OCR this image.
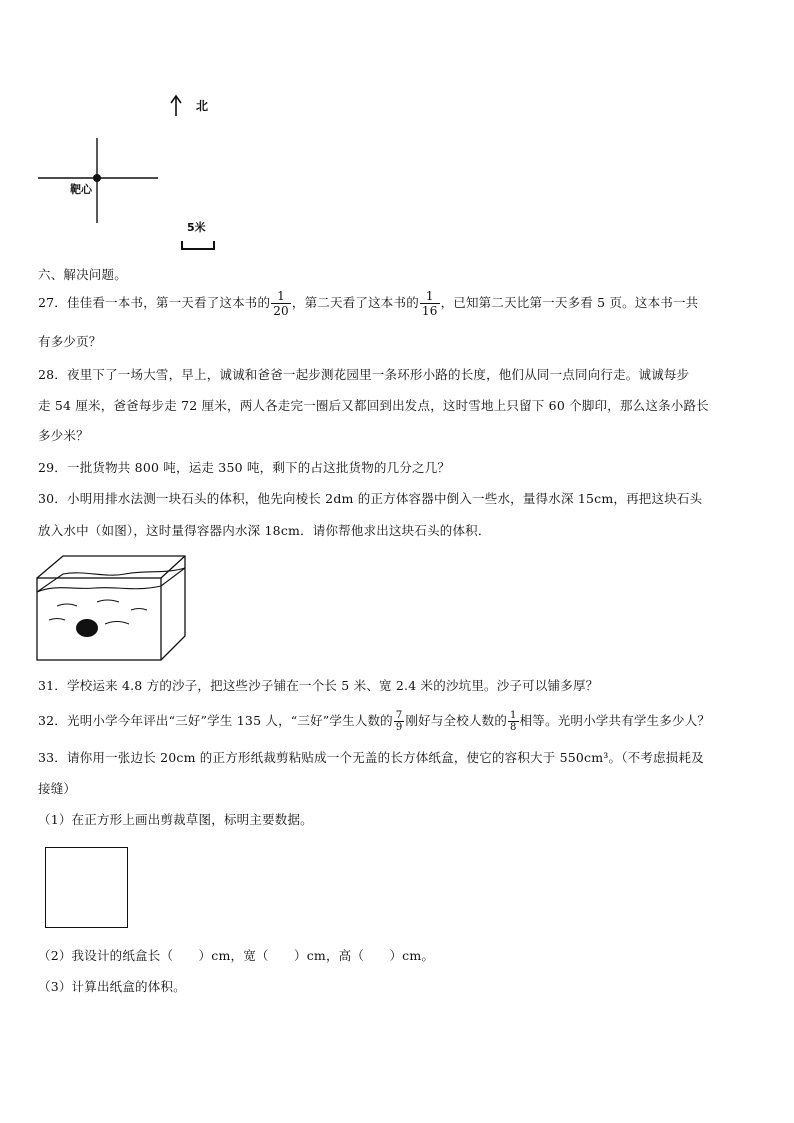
北
靶心
5米
六、解决问题。
27．佳佳看一本书，第一天看了这本书的 $\frac{1}{20}$ ，第二天看了这本书的 $\frac{1}{16}$ ，已知第二天比第一天多看 5 页。这本书一共
有多少页？
28．夜里下了一场大雪，早上，诚诚和爸爸一起步测花园里一条环形小路的长度，他们从同一点同向行走。诚诚每步
走 54 厘米，爸爸每步走 72 厘米，两人各走完一圈后又都回到出发点，这时雪地上只留下 60 个脚印，那么这条小路长
多少米？
29．一批货物共 800 吨，运走 350 吨，剩下的占这批货物的几分之几？
30．小明用排水法测一块石头的体积，他先向棱长 2dm 的正方体容器中倒入一些水，量得水深 15cm，再把这块石头
放入水中（如图），这时量得容器内水深 18cm．请你帮他求出这块石头的体积．
31．学校运来 4.8 方的沙子，把这些沙子铺在一个长 5 米、宽 2.4 米的沙坑里。沙子可以铺多厚？
32．光明小学今年评出“三好”学生 135 人，“三好”学生人数的 $\frac{7}{9}$ 刚好与全校人数的 $\frac{1}{8}$ 相等。光明小学共有学生多少人？
33．请你用一张边长 20cm 的正方形纸裁剪粘贴成一个无盖的长方体纸盒，使它的容积大于 550cm³。（不考虑损耗及
接缝）
（1）在正方形上画出剪裁草图，标明主要数据。
（2）我设计的纸盒长（　　）cm，宽（　　）cm，高（　　）cm。
（3）计算出纸盒的体积。
